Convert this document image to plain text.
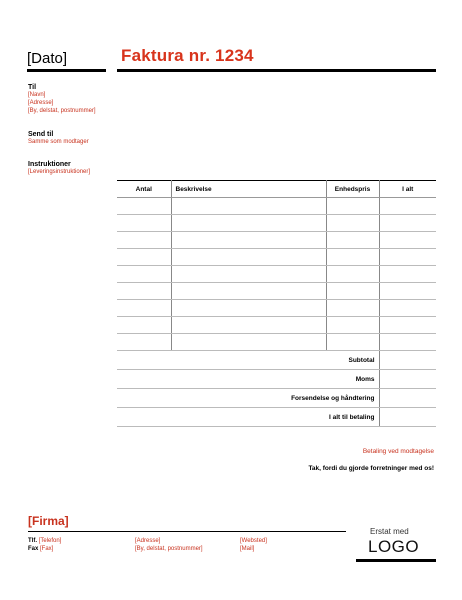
[Dato]	Faktura nr. 1234
Til
[Navn]
[Adresse]
[By, delstat, postnummer]
Send til
Samme som modtager
Instruktioner
[Leveringsinstruktioner]
Antal	Beskrivelse	Enhedspris	I alt

Subtotal			
Moms			
Forsendelse og håndtering			
I alt til betaling			
Betaling ved modtagelse
Tak, fordi du gjorde forretninger med os!
[Firma]
Tlf. [Telefon]
Fax [Fax]
[Adresse]
[By, delstat, postnummer]
[Websted]
[Mail]
Erstat med
LOGO
